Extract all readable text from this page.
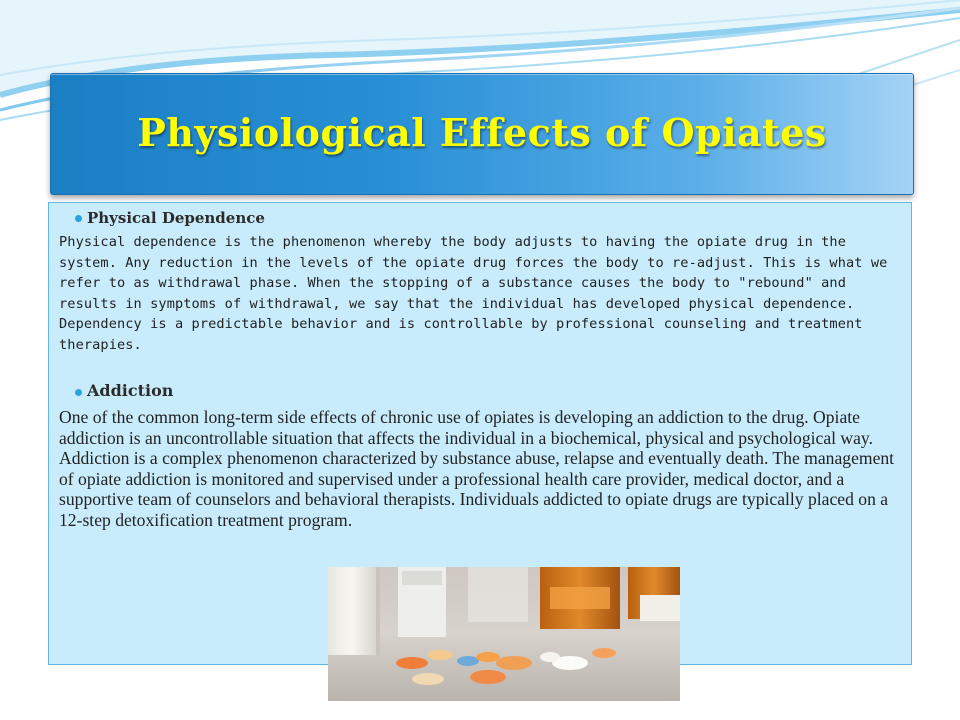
Physiological Effects of Opiates
Physical Dependence

Physical dependence is the phenomenon whereby the body adjusts to having the opiate drug in the system. Any reduction in the levels of the opiate drug forces the body to re-adjust. This is what we refer to as withdrawal phase. When the stopping of a substance causes the body to "rebound" and results in symptoms of withdrawal, we say that the individual has developed physical dependence. Dependency is a predictable behavior and is controllable by professional counseling and treatment therapies.

Addiction

One of the common long-term side effects of chronic use of opiates is developing an addiction to the drug. Opiate addiction is an uncontrollable situation that affects the individual in a biochemical, physical and psychological way. Addiction is a complex phenomenon characterized by substance abuse, relapse and eventually death. The management of opiate addiction is monitored and supervised under a professional health care provider, medical doctor, and a supportive team of counselors and behavioral therapists. Individuals addicted to opiate drugs are typically placed on a 12-step detoxification treatment program.
